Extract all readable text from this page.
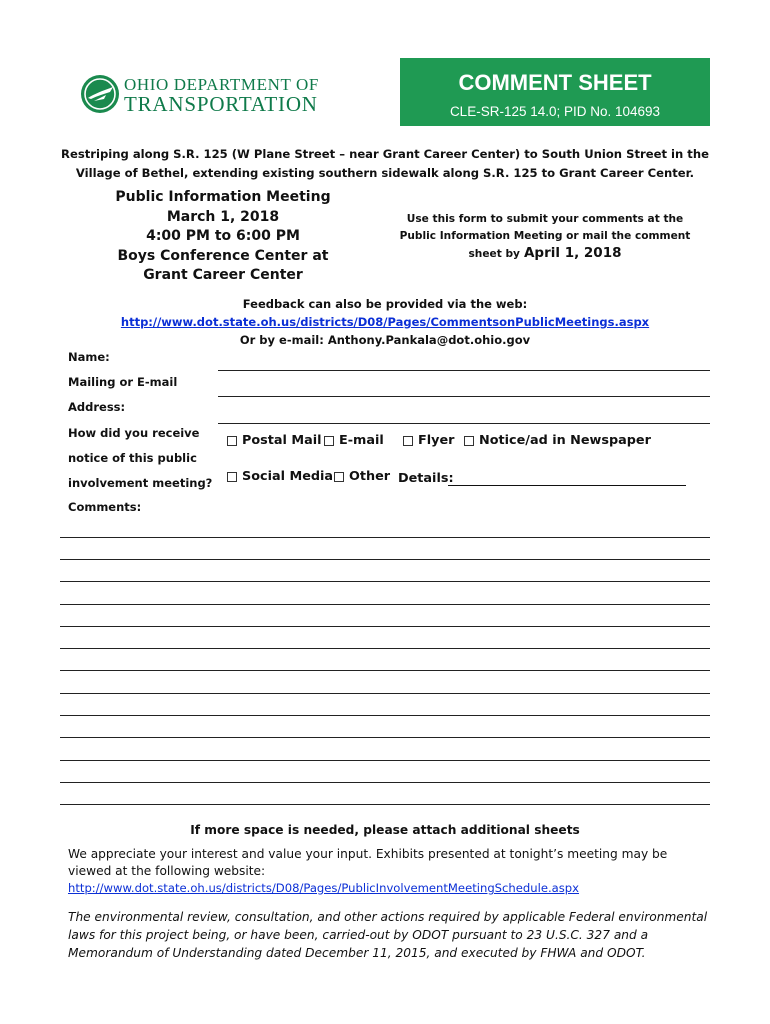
OHIO DEPARTMENT OF
TRANSPORTATION
COMMENT SHEET
CLE-SR-125 14.0; PID No. 104693
Restriping along S.R. 125 (W Plane Street – near Grant Career Center) to South Union Street in the Village of Bethel, extending existing southern sidewalk along S.R. 125 to Grant Career Center.
Public Information Meeting
March 1, 2018
4:00 PM to 6:00 PM
Boys Conference Center at
Grant Career Center
Use this form to submit your comments at the
Public Information Meeting or mail the comment
sheet by April 1, 2018
Feedback can also be provided via the web:
http://www.dot.state.oh.us/districts/D08/Pages/CommentsonPublicMeetings.aspx
Or by e-mail: Anthony.Pankala@dot.ohio.gov
Name:
Mailing or E-mail
Address:
How did you receive
notice of this public
involvement meeting?
Postal Mail E-mail	Flyer Notice/ad in Newspaper
Social Media Other Details:
Comments:
If more space is needed, please attach additional sheets
We appreciate your interest and value your input. Exhibits presented at tonight’s meeting may be viewed at the following website:
http://www.dot.state.oh.us/districts/D08/Pages/PublicInvolvementMeetingSchedule.aspx
The environmental review, consultation, and other actions required by applicable Federal environmental laws for this project being, or have been, carried-out by ODOT pursuant to 23 U.S.C. 327 and a Memorandum of Understanding dated December 11, 2015, and executed by FHWA and ODOT.
